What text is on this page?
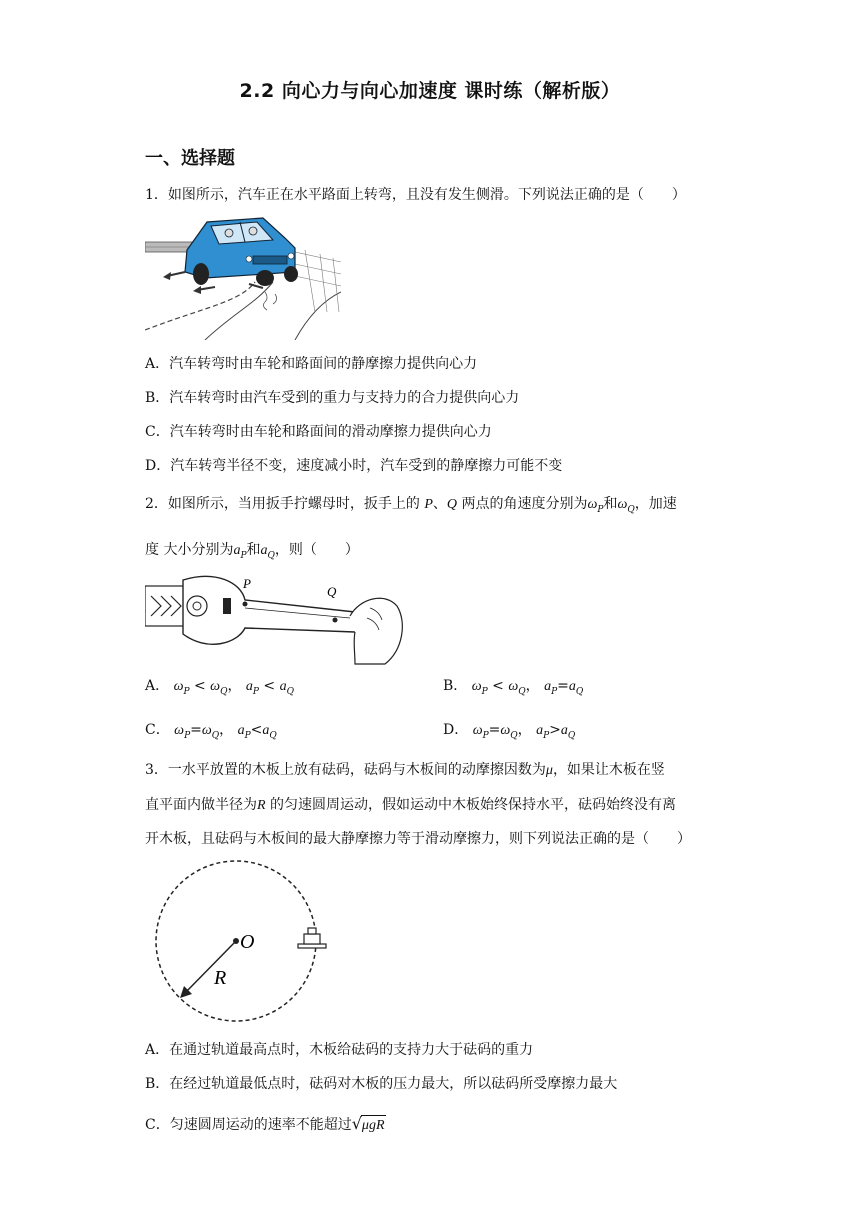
2.2 向心力与向心加速度 课时练（解析版）
一、选择题
1．如图所示，汽车正在水平路面上转弯，且没有发生侧滑。下列说法正确的是（　　）
A．汽车转弯时由车轮和路面间的静摩擦力提供向心力
B．汽车转弯时由汽车受到的重力与支持力的合力提供向心力
C．汽车转弯时由车轮和路面间的滑动摩擦力提供向心力
D．汽车转弯半径不变，速度减小时，汽车受到的静摩擦力可能不变
2．如图所示，当用扳手拧螺母时，扳手上的 P、Q 两点的角速度分别为$\omega_P$和$\omega_Q$，加速
度 大小分别为$a_P$和$a_Q$，则（　　）
P
Q
A． $\omega_P < \omega_Q$， $a_P < a_Q$	B． $\omega_P < \omega_Q$， $a_P=a_Q$
C． $\omega_P=\omega_Q$， $a_P<a_Q$	D． $\omega_P=\omega_Q$， $a_P>a_Q$
3．一水平放置的木板上放有砝码，砝码与木板间的动摩擦因数为μ，如果让木板在竖
直平面内做半径为R 的匀速圆周运动，假如运动中木板始终保持水平，砝码始终没有离
开木板，且砝码与木板间的最大静摩擦力等于滑动摩擦力，则下列说法正确的是（　　）
O
R
A．在通过轨道最高点时，木板给砝码的支持力大于砝码的重力
B．在经过轨道最低点时，砝码对木板的压力最大，所以砝码所受摩擦力最大
C．匀速圆周运动的速率不能超过√μgR
